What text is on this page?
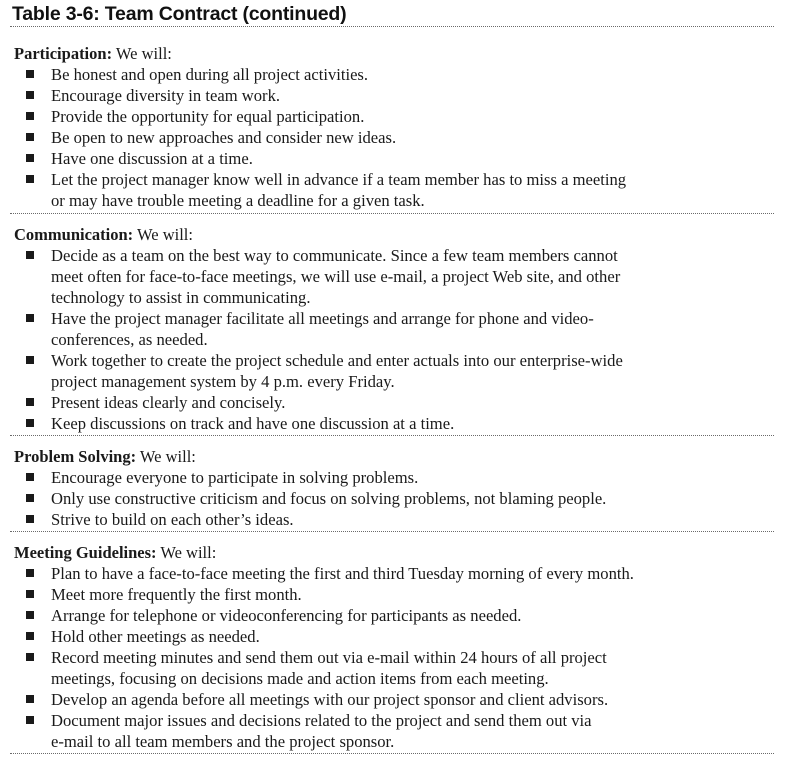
Table 3-6: Team Contract (continued)

Participation: We will:

Be honest and open during all project activities.
Encourage diversity in team work.
Provide the opportunity for equal participation.
Be open to new approaches and consider new ideas.
Have one discussion at a time.
Let the project manager know well in advance if a team member has to miss a meeting
or may have trouble meeting a deadline for a given task.

Communication: We will:

Decide as a team on the best way to communicate. Since a few team members cannot
meet often for face-to-face meetings, we will use e-mail, a project Web site, and other
technology to assist in communicating.
Have the project manager facilitate all meetings and arrange for phone and video-
conferences, as needed.
Work together to create the project schedule and enter actuals into our enterprise-wide
project management system by 4 p.m. every Friday.
Present ideas clearly and concisely.
Keep discussions on track and have one discussion at a time.

Problem Solving: We will:

Encourage everyone to participate in solving problems.
Only use constructive criticism and focus on solving problems, not blaming people.
Strive to build on each other’s ideas.

Meeting Guidelines: We will:

Plan to have a face-to-face meeting the first and third Tuesday morning of every month.
Meet more frequently the first month.
Arrange for telephone or videoconferencing for participants as needed.
Hold other meetings as needed.
Record meeting minutes and send them out via e-mail within 24 hours of all project
meetings, focusing on decisions made and action items from each meeting.
Develop an agenda before all meetings with our project sponsor and client advisors.
Document major issues and decisions related to the project and send them out via
e-mail to all team members and the project sponsor.
